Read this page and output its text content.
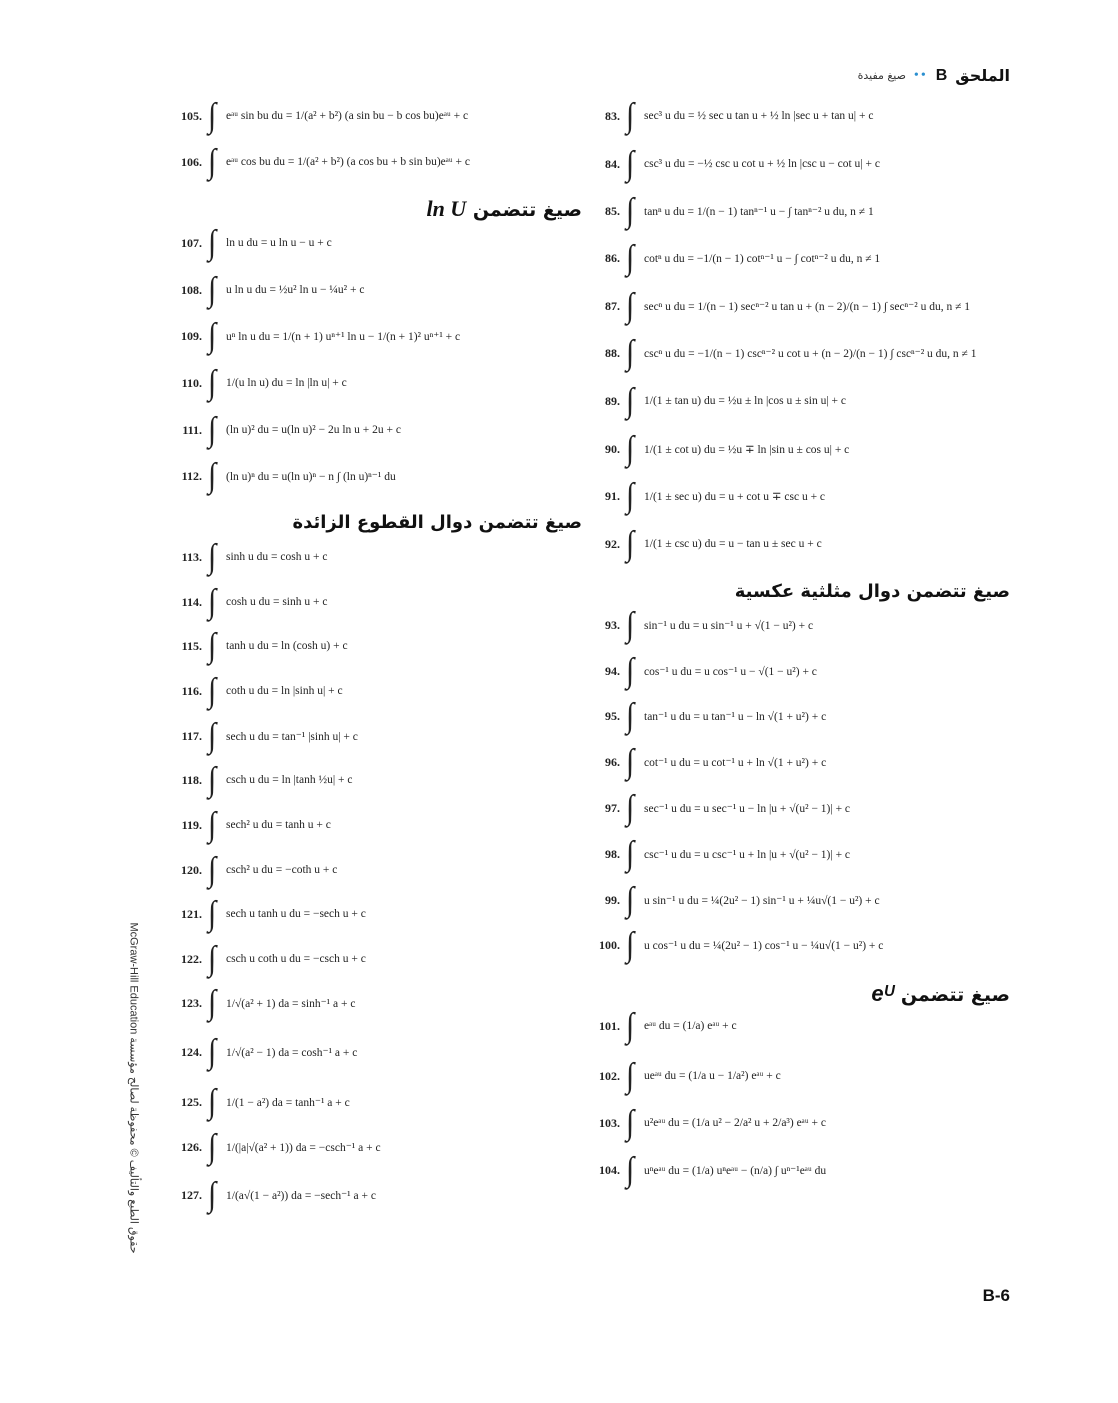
الملحق
B
••
صيغ مفيدة
105. ∫ eᵃᵘ sin bu du = 1/(a² + b²) (a sin bu − b cos bu)eᵃᵘ + c
106. ∫ eᵃᵘ cos bu du = 1/(a² + b²) (a cos bu + b sin bu)eᵃᵘ + c
صيغ تتضمن ln U
107. ∫ ln u du = u ln u − u + c
108. ∫ u ln u du = ½u² ln u − ¼u² + c
109. ∫ uⁿ ln u du = 1/(n + 1) uⁿ⁺¹ ln u − 1/(n + 1)² uⁿ⁺¹ + c
110. ∫ 1/(u ln u) du = ln |ln u| + c
111. ∫ (ln u)² du = u(ln u)² − 2u ln u + 2u + c
112. ∫ (ln u)ⁿ du = u(ln u)ⁿ − n ∫ (ln u)ⁿ⁻¹ du
صيغ تتضمن دوال القطوع الزائدة
113. ∫ sinh u du = cosh u + c
114. ∫ cosh u du = sinh u + c
115. ∫ tanh u du = ln (cosh u) + c
116. ∫ coth u du = ln |sinh u| + c
117. ∫ sech u du = tan⁻¹ |sinh u| + c
118. ∫ csch u du = ln |tanh ½u| + c
119. ∫ sech² u du = tanh u + c
120. ∫ csch² u du = −coth u + c
121. ∫ sech u tanh u du = −sech u + c
122. ∫ csch u coth u du = −csch u + c
123. ∫ 1/√(a² + 1) da = sinh⁻¹ a + c
124. ∫ 1/√(a² − 1) da = cosh⁻¹ a + c
125. ∫ 1/(1 − a²) da = tanh⁻¹ a + c
126. ∫ 1/(|a|√(a² + 1)) da = −csch⁻¹ a + c
127. ∫ 1/(a√(1 − a²)) da = −sech⁻¹ a + c
83. ∫ sec³ u du = ½ sec u tan u + ½ ln |sec u + tan u| + c
84. ∫ csc³ u du = −½ csc u cot u + ½ ln |csc u − cot u| + c
85. ∫ tanⁿ u du = 1/(n − 1) tanⁿ⁻¹ u − ∫ tanⁿ⁻² u du, n ≠ 1
86. ∫ cotⁿ u du = −1/(n − 1) cotⁿ⁻¹ u − ∫ cotⁿ⁻² u du, n ≠ 1
87. ∫ secⁿ u du = 1/(n − 1) secⁿ⁻² u tan u + (n − 2)/(n − 1) ∫ secⁿ⁻² u du, n ≠ 1
88. ∫ cscⁿ u du = −1/(n − 1) cscⁿ⁻² u cot u + (n − 2)/(n − 1) ∫ cscⁿ⁻² u du, n ≠ 1
89. ∫ 1/(1 ± tan u) du = ½u ± ln |cos u ± sin u| + c
90. ∫ 1/(1 ± cot u) du = ½u ∓ ln |sin u ± cos u| + c
91. ∫ 1/(1 ± sec u) du = u + cot u ∓ csc u + c
92. ∫ 1/(1 ± csc u) du = u − tan u ± sec u + c
صيغ تتضمن دوال مثلثية عكسية
93. ∫ sin⁻¹ u du = u sin⁻¹ u + √(1 − u²) + c
94. ∫ cos⁻¹ u du = u cos⁻¹ u − √(1 − u²) + c
95. ∫ tan⁻¹ u du = u tan⁻¹ u − ln √(1 + u²) + c
96. ∫ cot⁻¹ u du = u cot⁻¹ u + ln √(1 + u²) + c
97. ∫ sec⁻¹ u du = u sec⁻¹ u − ln |u + √(u² − 1)| + c
98. ∫ csc⁻¹ u du = u csc⁻¹ u + ln |u + √(u² − 1)| + c
99. ∫ u sin⁻¹ u du = ¼(2u² − 1) sin⁻¹ u + ¼u√(1 − u²) + c
100. ∫ u cos⁻¹ u du = ¼(2u² − 1) cos⁻¹ u − ¼u√(1 − u²) + c
صيغ تتضمن eᵁ
101. ∫ eᵃᵘ du = (1/a) eᵃᵘ + c
102. ∫ ueᵃᵘ du = (1/a u − 1/a²) eᵃᵘ + c
103. ∫ u²eᵃᵘ du = (1/a u² − 2/a² u + 2/a³) eᵃᵘ + c
104. ∫ uⁿeᵃᵘ du = (1/a) uⁿeᵃᵘ − (n/a) ∫ uⁿ⁻¹eᵃᵘ du
McGraw-Hill Education حقوق الطبع والتأليف © محفوظة لصالح مؤسسة
B-6
